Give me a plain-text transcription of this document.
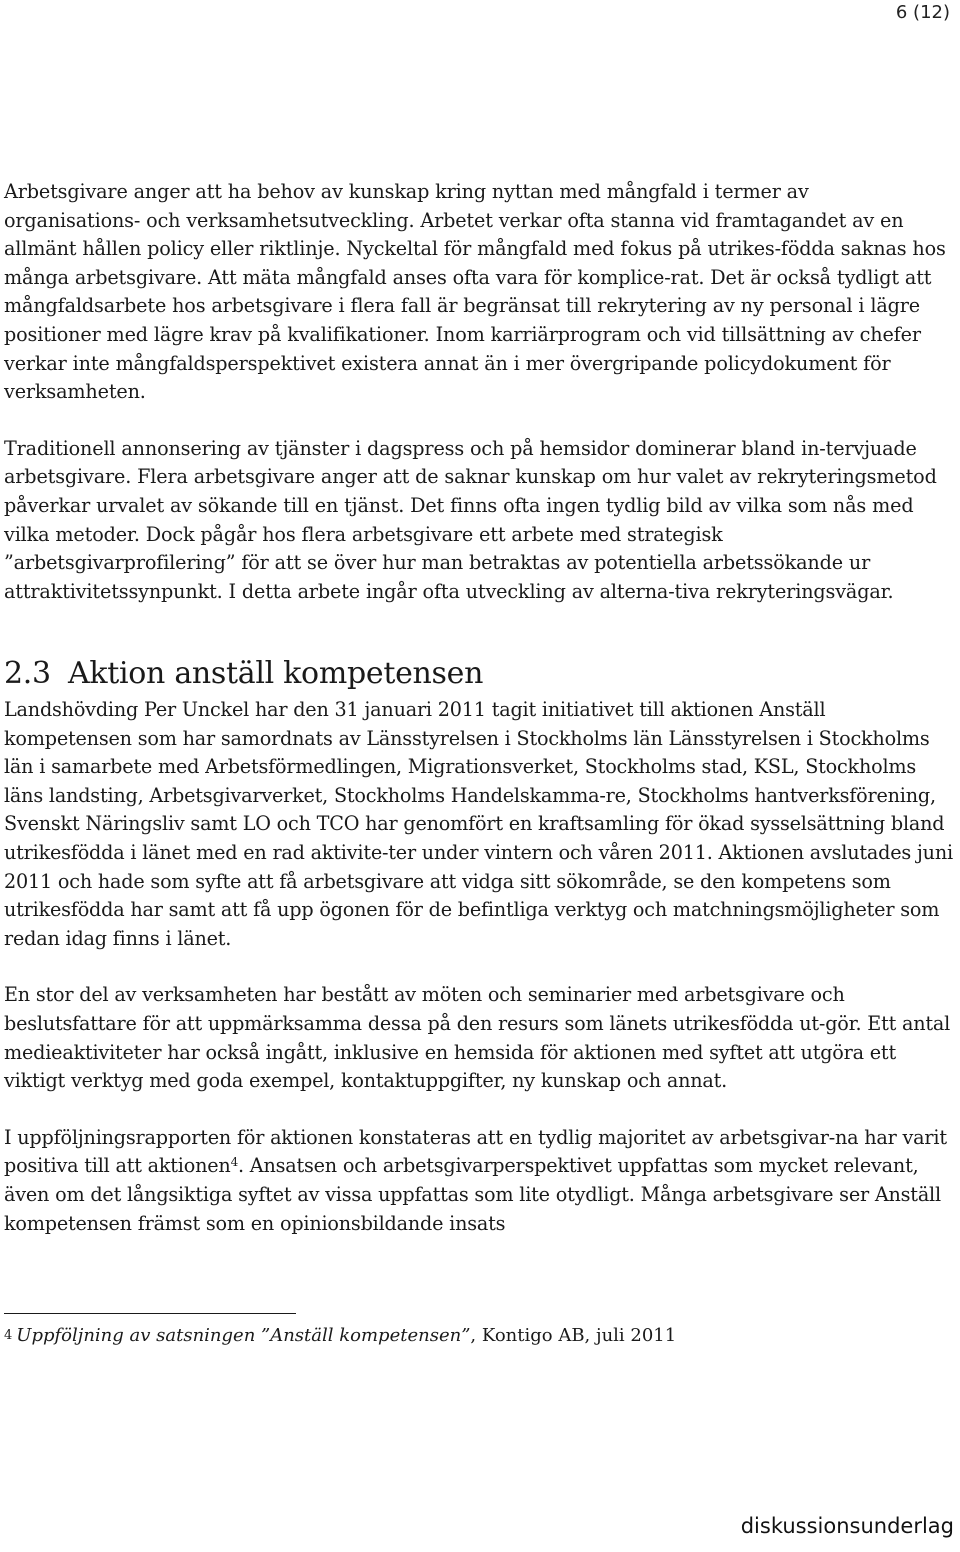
6 (12)

Arbetsgivare anger att ha behov av kunskap kring nyttan med mångfald i termer av organisations- och verksamhetsutveckling. Arbetet verkar ofta stanna vid framtagandet av en allmänt hållen policy eller riktlinje. Nyckeltal för mångfald med fokus på utrikes-födda saknas hos många arbetsgivare. Att mäta mångfald anses ofta vara för komplice-rat. Det är också tydligt att mångfaldsarbete hos arbetsgivare i flera fall är begränsat till rekrytering av ny personal i lägre positioner med lägre krav på kvalifikationer. Inom karriärprogram och vid tillsättning av chefer verkar inte mångfaldsperspektivet existera annat än i mer övergripande policydokument för verksamheten.

Traditionell annonsering av tjänster i dagspress och på hemsidor dominerar bland in-tervjuade arbetsgivare. Flera arbetsgivare anger att de saknar kunskap om hur valet av rekryteringsmetod påverkar urvalet av sökande till en tjänst. Det finns ofta ingen tydlig bild av vilka som nås med vilka metoder. Dock pågår hos flera arbetsgivare ett arbete med strategisk ”arbetsgivarprofilering” för att se över hur man betraktas av potentiella arbetssökande ur attraktivitetssynpunkt. I detta arbete ingår ofta utveckling av alterna-tiva rekryteringsvägar.

2.3 Aktion anställ kompetensen

Landshövding Per Unckel har den 31 januari 2011 tagit initiativet till aktionen Anställ kompetensen som har samordnats av Länsstyrelsen i Stockholms län Länsstyrelsen i Stockholms län i samarbete med Arbetsförmedlingen, Migrationsverket, Stockholms stad, KSL, Stockholms läns landsting, Arbetsgivarverket, Stockholms Handelskamma-re, Stockholms hantverksförening, Svenskt Näringsliv samt LO och TCO har genomfört en kraftsamling för ökad sysselsättning bland utrikesfödda i länet med en rad aktivite-ter under vintern och våren 2011. Aktionen avslutades juni 2011 och hade som syfte att få arbetsgivare att vidga sitt sökområde, se den kompetens som utrikesfödda har samt att få upp ögonen för de befintliga verktyg och matchningsmöjligheter som redan idag finns i länet.

En stor del av verksamheten har bestått av möten och seminarier med arbetsgivare och beslutsfattare för att uppmärksamma dessa på den resurs som länets utrikesfödda ut-gör. Ett antal medieaktiviteter har också ingått, inklusive en hemsida för aktionen med syftet att utgöra ett viktigt verktyg med goda exempel, kontaktuppgifter, ny kunskap och annat.

I uppföljningsrapporten för aktionen konstateras att en tydlig majoritet av arbetsgivar-na har varit positiva till att aktionen$^4$. Ansatsen och arbetsgivarperspektivet uppfattas som mycket relevant, även om det långsiktiga syftet av vissa uppfattas som lite otydligt. Många arbetsgivare ser Anställ kompetensen främst som en opinionsbildande insats

4 Uppföljning av satsningen ”Anställ kompetensen”, Kontigo AB, juli 2011
diskussionsunderlag
